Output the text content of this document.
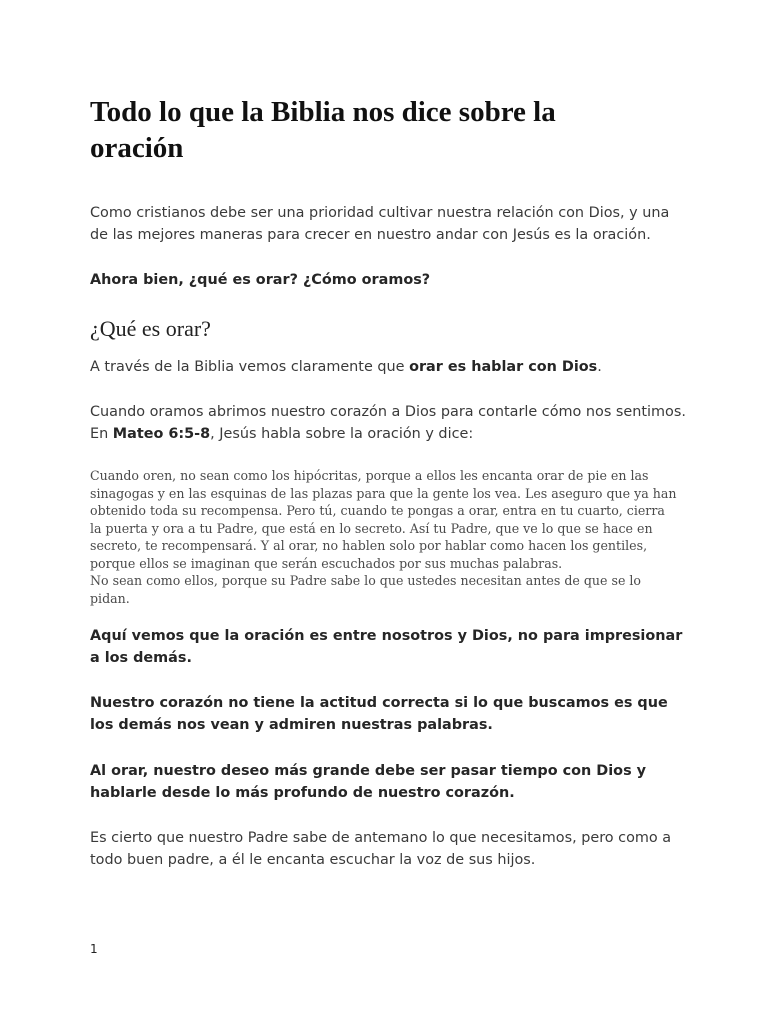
Todo lo que la Biblia nos dice sobre la oración

Como cristianos debe ser una prioridad cultivar nuestra relación con Dios, y una de las mejores maneras para crecer en nuestro andar con Jesús es la oración.

Ahora bien, ¿qué es orar? ¿Cómo oramos?

¿Qué es orar?

A través de la Biblia vemos claramente que orar es hablar con Dios.

Cuando oramos abrimos nuestro corazón a Dios para contarle cómo nos sentimos. En Mateo 6:5-8, Jesús habla sobre la oración y dice:

Cuando oren, no sean como los hipócritas, porque a ellos les encanta orar de pie en las sinagogas y en las esquinas de las plazas para que la gente los vea. Les aseguro que ya han obtenido toda su recompensa. Pero tú, cuando te pongas a orar, entra en tu cuarto, cierra la puerta y ora a tu Padre, que está en lo secreto. Así tu Padre, que ve lo que se hace en secreto, te recompensará. Y al orar, no hablen solo por hablar como hacen los gentiles, porque ellos se imaginan que serán escuchados por sus muchas palabras.
No sean como ellos, porque su Padre sabe lo que ustedes necesitan antes de que se lo pidan.

Aquí vemos que la oración es entre nosotros y Dios, no para impresionar a los demás.

Nuestro corazón no tiene la actitud correcta si lo que buscamos es que los demás nos vean y admiren nuestras palabras.

Al orar, nuestro deseo más grande debe ser pasar tiempo con Dios y hablarle desde lo más profundo de nuestro corazón.

Es cierto que nuestro Padre sabe de antemano lo que necesitamos, pero como a todo buen padre, a él le encanta escuchar la voz de sus hijos.

1
